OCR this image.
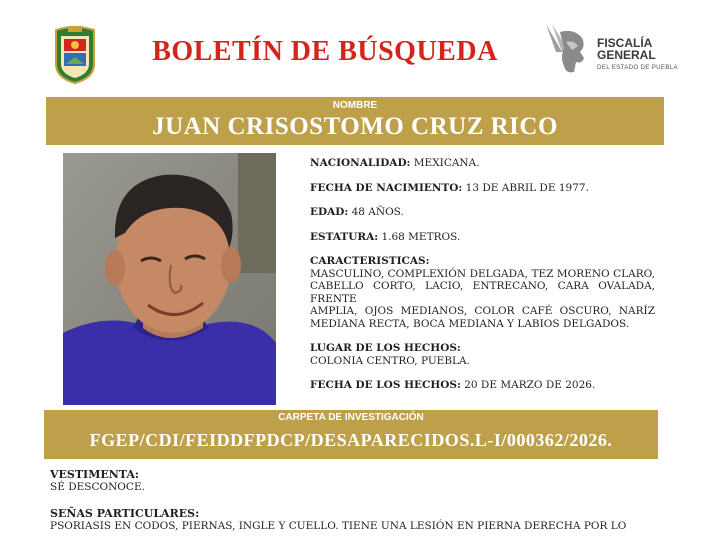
BOLETÍN DE BÚSQUEDA	FISCALÍA
GENERAL
DEL ESTADO DE PUEBLA
NOMBRE
JUAN CRISOSTOMO CRUZ RICO
NACIONALIDAD: MEXICANA.
FECHA DE NACIMIENTO: 13 DE ABRIL DE 1977.
EDAD: 48 AÑOS.
ESTATURA: 1.68 METROS.
CARACTERISTICAS:
MASCULINO, COMPLEXIÓN DELGADA, TEZ MORENO CLARO,
CABELLO CORTO, LACIO, ENTRECANO, CARA OVALADA, FRENTE
AMPLIA, OJOS MEDIANOS, COLOR CAFÉ OSCURO, NARÍZ
MEDIANA RECTA, BOCA MEDIANA Y LABIOS DELGADOS.
LUGAR DE LOS HECHOS:
COLONIA CENTRO, PUEBLA.
FECHA DE LOS HECHOS: 20 DE MARZO DE 2026.
CARPETA DE INVESTIGACIÓN
FGEP/CDI/FEIDDFPDCP/DESAPARECIDOS.L-I/000362/2026.
VESTIMENTA:
SÉ DESCONOCE.
SEÑAS PARTICULARES:
PSORIASIS EN CODOS, PIERNAS, INGLE Y CUELLO. TIENE UNA LESIÓN EN PIERNA DERECHA POR LO
